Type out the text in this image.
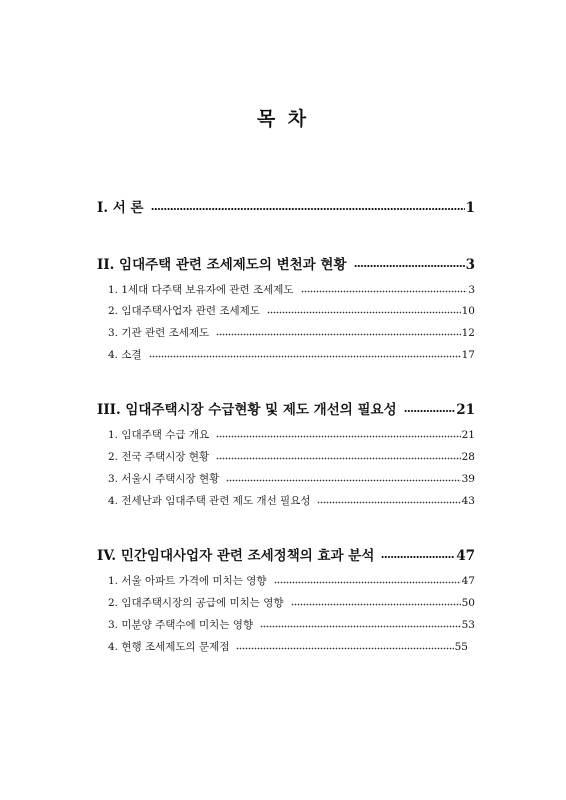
목 차
I. 서 론	1
II. 임대주택 관련 조세제도의 변천과 현황	3
1. 1세대 다주택 보유자에 관련 조세제도	3
2. 임대주택사업자 관련 조세제도	10
3. 기관 관련 조세제도	12
4. 소결	17
III. 임대주택시장 수급현황 및 제도 개선의 필요성	21
1. 임대주택 수급 개요	21
2. 전국 주택시장 현황	28
3. 서울시 주택시장 현황	39
4. 전세난과 임대주택 관련 제도 개선 필요성	43
IV. 민간임대사업자 관련 조세정책의 효과 분석	47
1. 서울 아파트 가격에 미치는 영향	47
2. 임대주택시장의 공급에 미치는 영향	50
3. 미분양 주택수에 미치는 영향	53
4. 현행 조세제도의 문제점	55
